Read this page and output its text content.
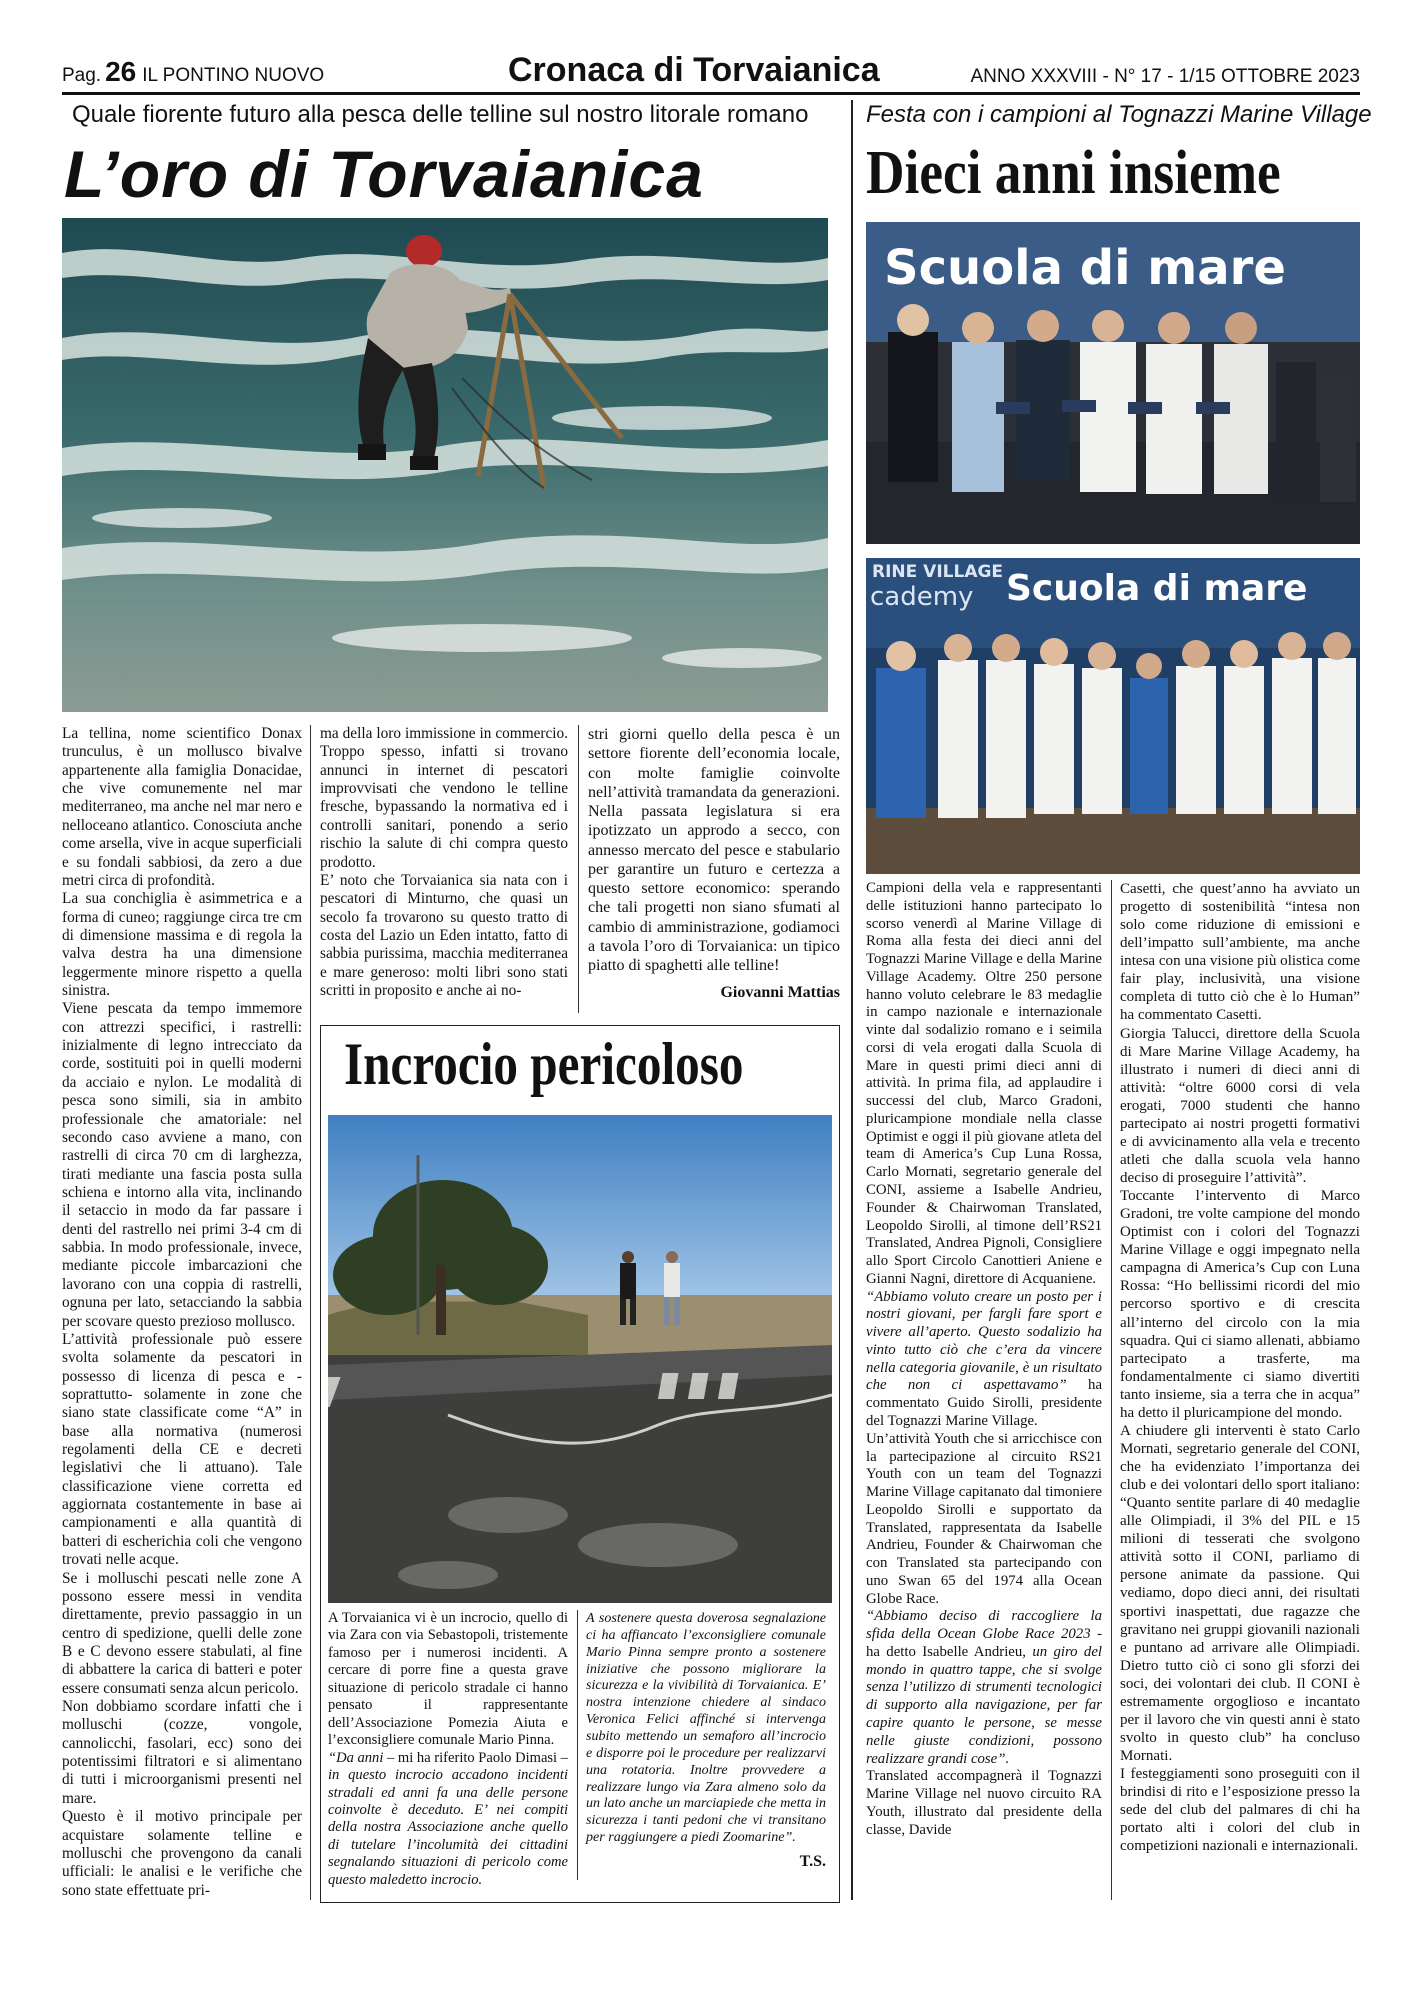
Pag. 26 IL PONTINO NUOVO	Cronaca di Torvaianica	ANNO XXXVIII - N° 17 - 1/15 OTTOBRE 2023
Quale fiorente futuro alla pesca delle telline sul nostro litorale romano
L’oro di Torvaianica
Festa con i campioni al Tognazzi Marine Village
Dieci anni insieme

La tellina, nome scientifico Donax trunculus, è un mollusco bivalve appartenente alla famiglia Donacidae, che vive comunemente nel mar mediterraneo, ma anche nel mar nero e nelloceano atlantico. Conosciuta anche come arsella, vive in acque superficiali e su fondali sabbiosi, da zero a due metri circa di profondità.

La sua conchiglia è asimmetrica e a forma di cuneo; raggiunge circa tre cm di dimensione massima e di regola la valva destra ha una dimensione leggermente minore rispetto a quella sinistra.

Viene pescata da tempo immemore con attrezzi specifici, i rastrelli: inizialmente di legno intrecciato da corde, sostituiti poi in quelli moderni da acciaio e nylon. Le modalità di pesca sono simili, sia in ambito professionale che amatoriale: nel secondo caso avviene a mano, con rastrelli di circa 70 cm di larghezza, tirati mediante una fascia posta sulla schiena e intorno alla vita, inclinando il setaccio in modo da far passare i denti del rastrello nei primi 3-4 cm di sabbia. In modo professionale, invece, mediante piccole imbarcazioni che lavorano con una coppia di rastrelli, ognuna per lato, setacciando la sabbia per scovare questo prezioso mollusco.

L’attività professionale può essere svolta solamente da pescatori in possesso di licenza di pesca e - soprattutto- solamente in zone che siano state classificate come “A” in base alla normativa (numerosi regolamenti della CE e decreti legislativi che li attuano). Tale classificazione viene corretta ed aggiornata costantemente in base ai campionamenti e alla quantità di batteri di escherichia coli che vengono trovati nelle acque.

Se i molluschi pescati nelle zone A possono essere messi in vendita direttamente, previo passaggio in un centro di spedizione, quelli delle zone B e C devono essere stabulati, al fine di abbattere la carica di batteri e poter essere consumati senza alcun pericolo.

Non dobbiamo scordare infatti che i molluschi (cozze, vongole, cannolicchi, fasolari, ecc) sono dei potentissimi filtratori e si alimentano di tutti i microorganismi presenti nel mare.

Questo è il motivo principale per acquistare solamente telline e molluschi che provengono da canali ufficiali: le analisi e le verifiche che sono state effettuate pri-

ma della loro immissione in commercio. Troppo spesso, infatti si trovano annunci in internet di pescatori improvvisati che vendono le telline fresche, bypassando la normativa ed i controlli sanitari, ponendo a serio rischio la salute di chi compra questo prodotto.

E’ noto che Torvaianica sia nata con i pescatori di Minturno, che quasi un secolo fa trovarono su questo tratto di costa del Lazio un Eden intatto, fatto di sabbia purissima, macchia mediterranea e mare generoso: molti libri sono stati scritti in proposito e anche ai no-

stri giorni quello della pesca è un settore fiorente dell’economia locale, con molte famiglie coinvolte nell’attività tramandata da generazioni. Nella passata legislatura si era ipotizzato un approdo a secco, con annesso mercato del pesce e stabulario per garantire un futuro e certezza a questo settore economico: sperando che tali progetti non siano sfumati al cambio di amministrazione, godiamoci a tavola l’oro di Torvaianica: un tipico piatto di spaghetti alle telline!

Giovanni Mattias
Incrocio pericoloso

A Torvaianica vi è un incrocio, quello di via Zara con via Sebastopoli, tristemente famoso per i numerosi incidenti. A cercare di porre fine a questa grave situazione di pericolo stradale ci hanno pensato il rappresentante dell’Associazione Pomezia Aiuta e l’exconsigliere comunale Mario Pinna.

“Da anni – mi ha riferito Paolo Dimasi – in questo incrocio accadono incidenti stradali ed anni fa una delle persone coinvolte è deceduto. E’ nei compiti della nostra Associazione anche quello di tutelare l’incolumità dei cittadini segnalando situazioni di pericolo come questo maledetto incrocio.

A sostenere questa doverosa segnalazione ci ha affiancato l’exconsigliere comunale Mario Pinna sempre pronto a sostenere iniziative che possono migliorare la sicurezza e la vivibilità di Torvaianica. E’ nostra intenzione chiedere al sindaco Veronica Felici affinché si intervenga subito mettendo un semaforo all’incrocio e disporre poi le procedure per realizzarvi una rotatoria. Inoltre provvedere a realizzare lungo via Zara almeno solo da un lato anche un marciapiede che metta in sicurezza i tanti pedoni che vi transitano per raggiungere a piedi Zoomarine”.

T.S.
Scuola di mare
RINE VILLAGE
cademy Scuola di mare

Campioni della vela e rappresentanti delle istituzioni hanno partecipato lo scorso venerdì al Marine Village di Roma alla festa dei dieci anni del Tognazzi Marine Village e della Marine Village Academy. Oltre 250 persone hanno voluto celebrare le 83 medaglie in campo nazionale e internazionale vinte dal sodalizio romano e i seimila corsi di vela erogati dalla Scuola di Mare in questi primi dieci anni di attività. In prima fila, ad applaudire i successi del club, Marco Gradoni, pluricampione mondiale nella classe Optimist e oggi il più giovane atleta del team di America’s Cup Luna Rossa, Carlo Mornati, segretario generale del CONI, assieme a Isabelle Andrieu, Founder & Chairwoman Translated, Leopoldo Sirolli, al timone dell’RS21 Translated, Andrea Pignoli, Consigliere allo Sport Circolo Canottieri Aniene e Gianni Nagni, direttore di Acquaniene.

“Abbiamo voluto creare un posto per i nostri giovani, per fargli fare sport e vivere all’aperto. Questo sodalizio ha vinto tutto ciò che c’era da vincere nella categoria giovanile, è un risultato che non ci aspettavamo” ha commentato Guido Sirolli, presidente del Tognazzi Marine Village.

Un’attività Youth che si arricchisce con la partecipazione al circuito RS21 Youth con un team del Tognazzi Marine Village capitanato dal timoniere Leopoldo Sirolli e supportato da Translated, rappresentata da Isabelle Andrieu, Founder & Chairwoman che con Translated sta partecipando con uno Swan 65 del 1974 alla Ocean Globe Race.

“Abbiamo deciso di raccogliere la sfida della Ocean Globe Race 2023 - ha detto Isabelle Andrieu, un giro del mondo in quattro tappe, che si svolge senza l’utilizzo di strumenti tecnologici di supporto alla navigazione, per far capire quanto le persone, se messe nelle giuste condizioni, possono realizzare grandi cose”.

Translated accompagnerà il Tognazzi Marine Village nel nuovo circuito RA Youth, illustrato dal presidente della classe, Davide

Casetti, che quest’anno ha avviato un progetto di sostenibilità “intesa non solo come riduzione di emissioni e dell’impatto sull’ambiente, ma anche intesa con una visione più olistica come fair play, inclusività, una visione completa di tutto ciò che è lo Human” ha commentato Casetti.

Giorgia Talucci, direttore della Scuola di Mare Marine Village Academy, ha illustrato i numeri di dieci anni di attività: “oltre 6000 corsi di vela erogati, 7000 studenti che hanno partecipato ai nostri progetti formativi e di avvicinamento alla vela e trecento atleti che dalla scuola vela hanno deciso di proseguire l’attività”.

Toccante l’intervento di Marco Gradoni, tre volte campione del mondo Optimist con i colori del Tognazzi Marine Village e oggi impegnato nella campagna di America’s Cup con Luna Rossa: “Ho bellissimi ricordi del mio percorso sportivo e di crescita all’interno del circolo con la mia squadra. Qui ci siamo allenati, abbiamo partecipato a trasferte, ma fondamentalmente ci siamo divertiti tanto insieme, sia a terra che in acqua” ha detto il pluricampione del mondo.

A chiudere gli interventi è stato Carlo Mornati, segretario generale del CONI, che ha evidenziato l’importanza dei club e dei volontari dello sport italiano: “Quanto sentite parlare di 40 medaglie alle Olimpiadi, il 3% del PIL e 15 milioni di tesserati che svolgono attività sotto il CONI, parliamo di persone animate da passione. Qui vediamo, dopo dieci anni, dei risultati sportivi inaspettati, due ragazze che gravitano nei gruppi giovanili nazionali e puntano ad arrivare alle Olimpiadi. Dietro tutto ciò ci sono gli sforzi dei soci, dei volontari dei club. Il CONI è estremamente orgoglioso e incantato per il lavoro che vin questi anni è stato svolto in questo club” ha concluso Mornati.

I festeggiamenti sono proseguiti con il brindisi di rito e l’esposizione presso la sede del club del palmares di chi ha portato alti i colori del club in competizioni nazionali e internazionali.
